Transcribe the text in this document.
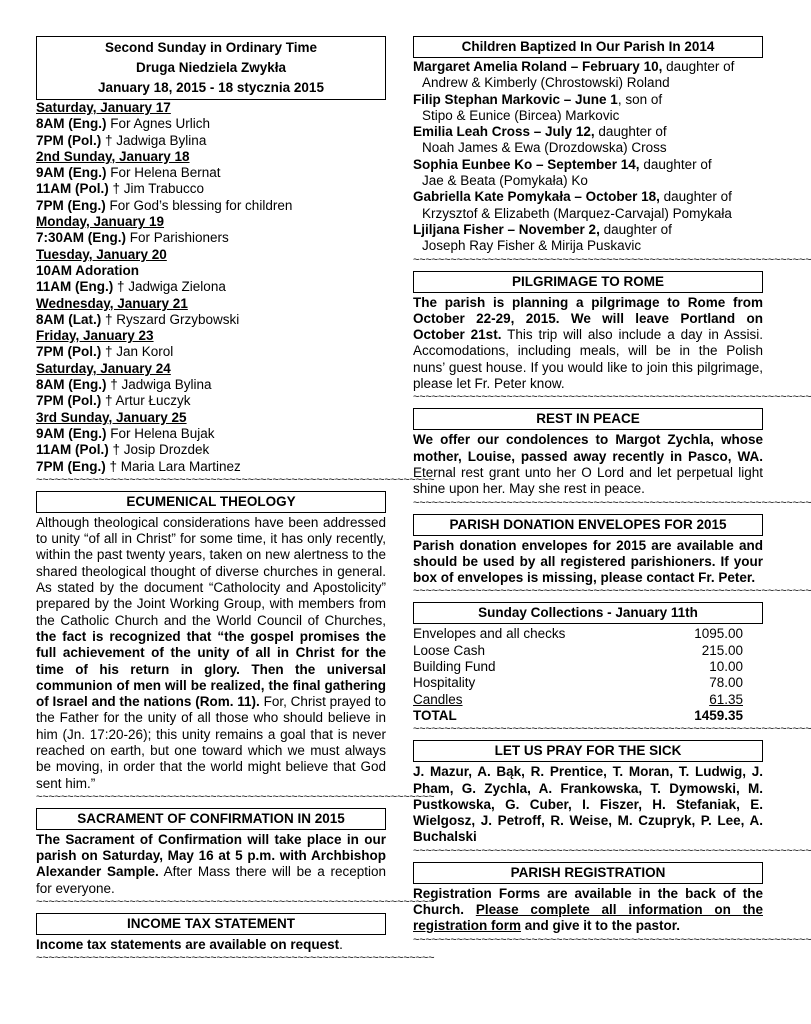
Second Sunday in Ordinary Time
Druga Niedziela Zwykła
January 18, 2015 - 18 stycznia 2015

Saturday, January 17

8AM (Eng.) For Agnes Urlich

7PM (Pol.) † Jadwiga Bylina

2nd Sunday, January 18

9AM (Eng.) For Helena Bernat

11AM (Pol.) † Jim Trabucco

7PM (Eng.) For God’s blessing for children

Monday, January 19

7:30AM (Eng.) For Parishioners

Tuesday, January 20

10AM Adoration

11AM (Eng.) † Jadwiga Zielona

Wednesday, January 21

8AM (Lat.) † Ryszard Grzybowski

Friday, January 23

7PM (Pol.) † Jan Korol

Saturday, January 24

8AM (Eng.) † Jadwiga Bylina

7PM (Pol.) † Artur Łuczyk

3rd Sunday, January 25

9AM (Eng.) For Helena Bujak

11AM (Pol.) † Josip Drozdek

7PM (Eng.) † Maria Lara Martinez

~~~~~~~~~~~~~~~~~~~~~~~~~~~~~~~~~~~~~~~~~~~~~~~~~~~~~~~~~~~~~~~~
ECUMENICAL THEOLOGY

Although theological considerations have been addressed to unity “of all in Christ” for some time, it has only recently, within the past twenty years, taken on new alertness to the shared theological thought of diverse churches in general. As stated by the document “Catholocity and Apostolicity” prepared by the Joint Working Group, with members from the Catholic Church and the World Council of Churches, the fact is recognized that “the gospel promises the full achievement of the unity of all in Christ for the time of his return in glory. Then the universal communion of men will be realized, the final gathering of Israel and the nations (Rom. 11). For, Christ prayed to the Father for the unity of all those who should believe in him (Jn. 17:20-26); this unity remains a goal that is never reached on earth, but one toward which we must always be moving, in order that the world might believe that God sent him.”

~~~~~~~~~~~~~~~~~~~~~~~~~~~~~~~~~~~~~~~~~~~~~~~~~~~~~~~~~~~~~~~~
SACRAMENT OF CONFIRMATION IN 2015

The Sacrament of Confirmation will take place in our parish on Saturday, May 16 at 5 p.m. with Archbishop Alexander Sample. After Mass there will be a reception for everyone.

~~~~~~~~~~~~~~~~~~~~~~~~~~~~~~~~~~~~~~~~~~~~~~~~~~~~~~~~~~~~~~~~
INCOME TAX STATEMENT

Income tax statements are available on request.

~~~~~~~~~~~~~~~~~~~~~~~~~~~~~~~~~~~~~~~~~~~~~~~~~~~~~~~~~~~~~~~~
Children Baptized In Our Parish In 2014

Margaret Amelia Roland – February 10, daughter of

Andrew & Kimberly (Chrostowski) Roland

Filip Stephan Markovic – June 1, son of

Stipo & Eunice (Bircea) Markovic

Emilia Leah Cross – July 12, daughter of

Noah James & Ewa (Drozdowska) Cross

Sophia Eunbee Ko – September 14, daughter of

Jae & Beata (Pomykała) Ko

Gabriella Kate Pomykała – October 18, daughter of

Krzysztof & Elizabeth (Marquez-Carvajal) Pomykała

Ljiljana Fisher – November 2, daughter of

Joseph Ray Fisher & Mirija Puskavic

~~~~~~~~~~~~~~~~~~~~~~~~~~~~~~~~~~~~~~~~~~~~~~~~~~~~~~~~~~~~~~~~
PILGRIMAGE TO ROME

The parish is planning a pilgrimage to Rome from October 22-29, 2015. We will leave Portland on October 21st. This trip will also include a day in Assisi. Accomodations, including meals, will be in the Polish nuns’ guest house. If you would like to join this pilgrimage, please let Fr. Peter know.

~~~~~~~~~~~~~~~~~~~~~~~~~~~~~~~~~~~~~~~~~~~~~~~~~~~~~~~~~~~~~~~~
REST IN PEACE

We offer our condolences to Margot Zychla, whose mother, Louise, passed away recently in Pasco, WA. Eternal rest grant unto her O Lord and let perpetual light shine upon her. May she rest in peace.

~~~~~~~~~~~~~~~~~~~~~~~~~~~~~~~~~~~~~~~~~~~~~~~~~~~~~~~~~~~~~~~~
PARISH DONATION ENVELOPES FOR 2015

Parish donation envelopes for 2015 are available and should be used by all registered parishioners. If your box of envelopes is missing, please contact Fr. Peter.

~~~~~~~~~~~~~~~~~~~~~~~~~~~~~~~~~~~~~~~~~~~~~~~~~~~~~~~~~~~~~~~~
Sunday Collections - January 11th
Envelopes and all checks	1095.00
Loose Cash	215.00
Building Fund	10.00
Hospitality	78.00
Candles	61.35
TOTAL	1459.35
~~~~~~~~~~~~~~~~~~~~~~~~~~~~~~~~~~~~~~~~~~~~~~~~~~~~~~~~~~~~~~~~
LET US PRAY FOR THE SICK

J. Mazur, A. Bąk, R. Prentice, T. Moran, T. Ludwig, J. Pham, G. Zychla, A. Frankowska, T. Dymowski, M. Pustkowska, G. Cuber, I. Fiszer, H. Stefaniak, E. Wielgosz, J. Petroff, R. Weise, M. Czupryk, P. Lee, A. Buchalski

~~~~~~~~~~~~~~~~~~~~~~~~~~~~~~~~~~~~~~~~~~~~~~~~~~~~~~~~~~~~~~~~
PARISH REGISTRATION

Registration Forms are available in the back of the Church. Please complete all information on the registration form and give it to the pastor.

~~~~~~~~~~~~~~~~~~~~~~~~~~~~~~~~~~~~~~~~~~~~~~~~~~~~~~~~~~~~~~~~
